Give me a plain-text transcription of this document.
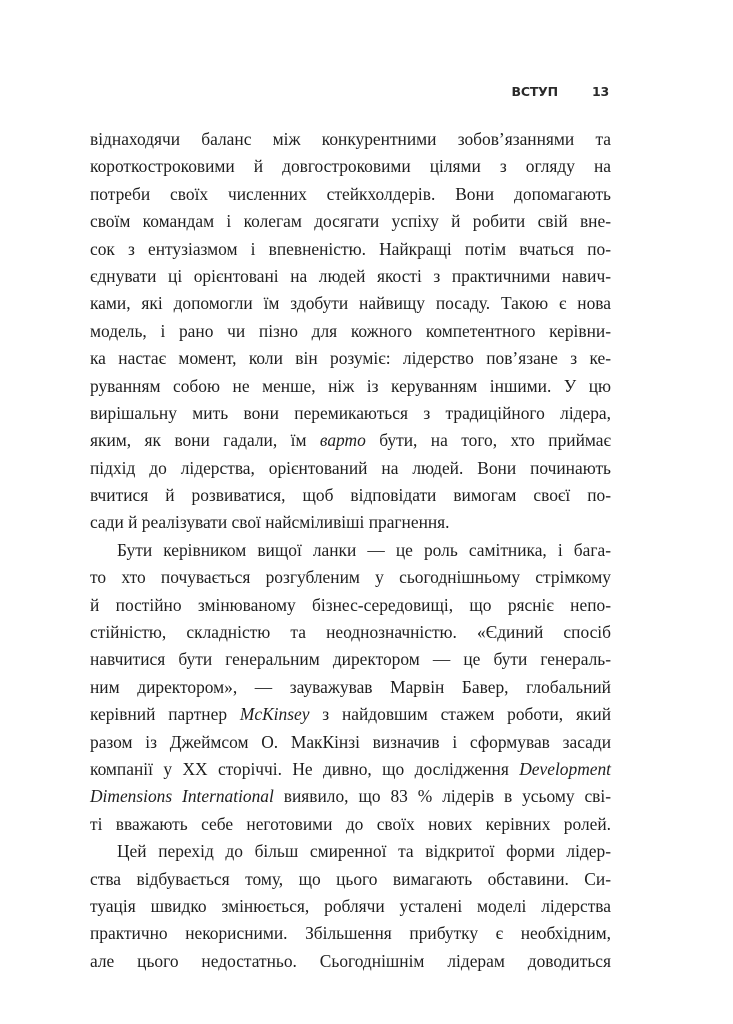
ВСТУП	13
віднаходячи баланс між конкурентними зобов’язаннями та
короткостроковими й довгостроковими цілями з огляду на
потреби своїх численних стейкхолдерів. Вони допомагають
своїм командам і колегам досягати успіху й робити свій вне-
сок з ентузіазмом і впевненістю. Найкращі потім вчаться по-
єднувати ці орієнтовані на людей якості з практичними навич-
ками, які допомогли їм здобути найвищу посаду. Такою є нова
модель, і рано чи пізно для кожного компетентного керівни-
ка настає момент, коли він розуміє: лідерство пов’язане з ке-
руванням собою не менше, ніж із керуванням іншими. У цю
вирішальну мить вони перемикаються з традиційного лідера,
яким, як вони гадали, їм варто бути, на того, хто приймає
підхід до лідерства, орієнтований на людей. Вони починають
вчитися й розвиватися, щоб відповідати вимогам своєї по-
сади й реалізувати свої найсміливіші прагнення.
Бути керівником вищої ланки — це роль самітника, і бага-
то хто почувається розгубленим у сьогоднішньому стрімкому
й постійно змінюваному бізнес-середовищі, що рясніє непо-
стійністю, складністю та неоднозначністю. «Єдиний спосіб
навчитися бути генеральним директором — це бути генераль-
ним директором», — зауважував Марвін Бавер, глобальний
керівний партнер McKinsey з найдовшим стажем роботи, який
разом із Джеймсом О. МакКінзі визначив і сформував засади
компанії у XX сторіччі. Не дивно, що дослідження Development
Dimensions International виявило, що 83 % лідерів в усьому сві-
ті вважають себе неготовими до своїх нових керівних ролей.
Цей перехід до більш смиренної та відкритої форми лідер-
ства відбувається тому, що цього вимагають обставини. Си-
туація швидко змінюється, роблячи усталені моделі лідерства
практично некорисними. Збільшення прибутку є необхідним,
але цього недостатньо. Сьогоднішнім лідерам доводиться
